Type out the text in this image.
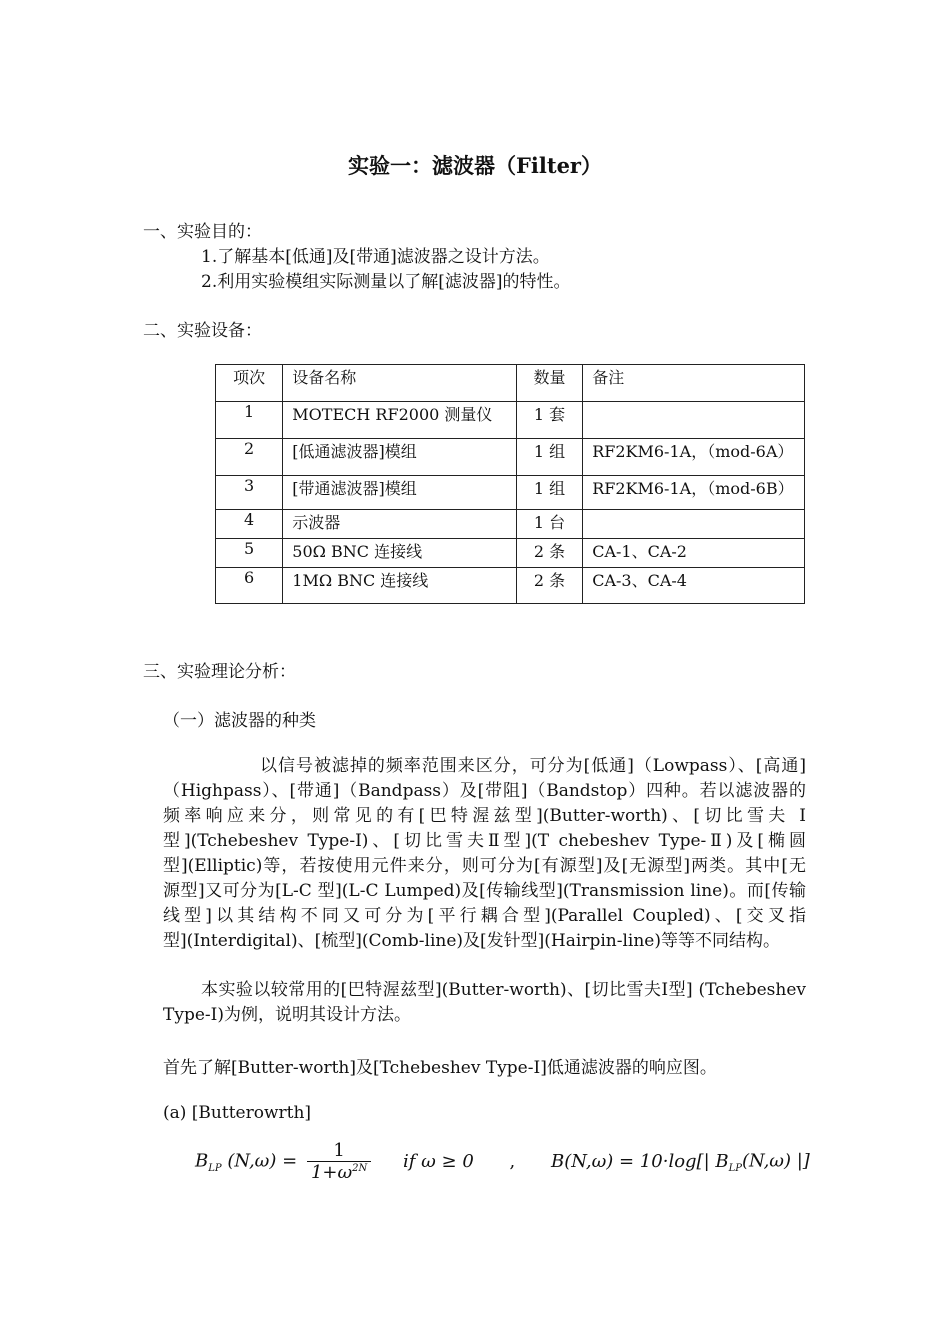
实验一：滤波器（Filter）
一、实验目的：
1.了解基本[低通]及[带通]滤波器之设计方法。
2.利用实验模组实际测量以了解[滤波器]的特性。
二、实验设备：
项次	设备名称	数量	备注
1	MOTECH RF2000 测量仪	1 套	
2	[低通滤波器]模组	1 组	RF2KM6-1A，（mod-6A）
3	[带通滤波器]模组	1 组	RF2KM6-1A，（mod-6B）
4	示波器	1 台	
5	50Ω BNC 连接线	2 条	CA-1、CA-2
6	1MΩ BNC 连接线	2 条	CA-3、CA-4
三、实验理论分析：
（一）滤波器的种类
以信号被滤掉的频率范围来区分，可分为[低通]（Lowpass）、[高通]
（Highpass）、[带通]（Bandpass）及[带阻]（Bandstop）四种。若以滤波器的
频率响应来分，则常见的有[巴特渥兹型](Butter-worth)、[切比雪夫 I
型](Tchebeshev Type-I)、[切比雪夫Ⅱ型](T chebeshev Type-Ⅱ)及[椭圆
型](Elliptic)等，若按使用元件来分，则可分为[有源型]及[无源型]两类。其中[无
源型]又可分为[L-C 型](L-C Lumped)及[传输线型](Transmission line)。而[传输
线型]以其结构不同又可分为[平行耦合型](Parallel Coupled)、[交叉指
型](Interdigital)、[梳型](Comb-line)及[发针型](Hairpin-line)等等不同结构。
本实验以较常用的[巴特渥兹型](Butter-worth)、[切比雪夫I型] (Tchebeshev
Type-I)为例，说明其设计方法。
首先了解[Butter-worth]及[Tchebeshev Type-I]低通滤波器的响应图。
(a) [Butterowrth]
$B_{LP}$ $(N,\omega) = \frac{1}{1+\omega^{2N}}$ if ω ≥ 0 , B(N,ω) = 10·log[| $B_{LP}(N,\omega)$ |]
